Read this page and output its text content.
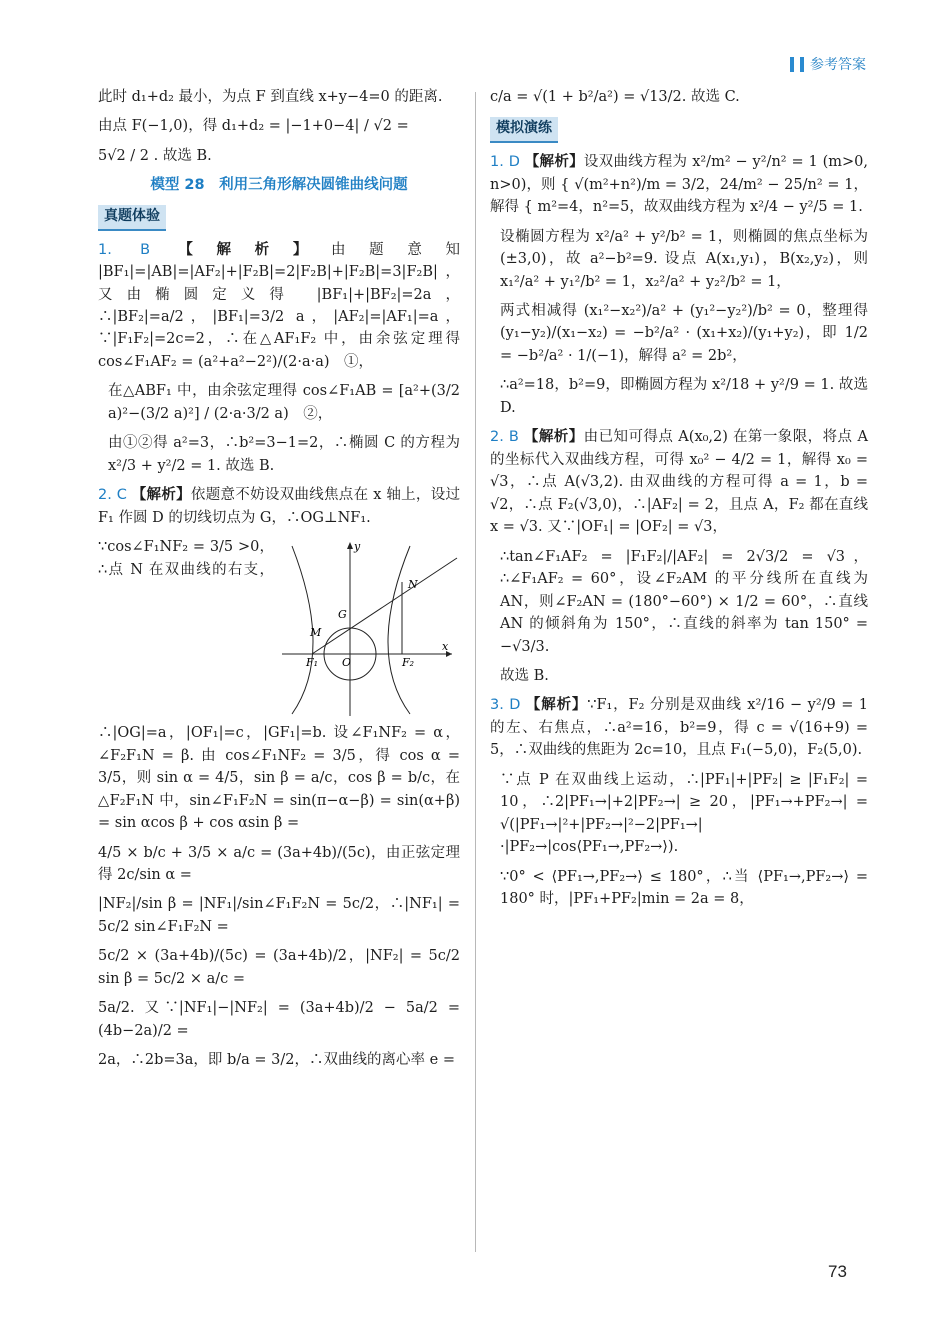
参考答案

此时 d₁+d₂ 最小，为点 F 到直线 x+y−4=0 的距离.

由点 F(−1,0)，得 d₁+d₂ = |−1+0−4| / √2 =

5√2 / 2 . 故选 B.

模型 28　利用三角形解决圆锥曲线问题
真题体验

1. B 【解析】由题意知 |BF₁|=|AB|=|AF₂|+|F₂B|=2|F₂B|+|F₂B|=3|F₂B|，又由椭圆定义得 |BF₁|+|BF₂|=2a，∴|BF₂|=a/2，|BF₁|=3/2 a，|AF₂|=|AF₁|=a，∵|F₁F₂|=2c=2，∴在△AF₁F₂ 中，由余弦定理得 cos∠F₁AF₂ = (a²+a²−2²)/(2·a·a)　①，

在△ABF₁ 中，由余弦定理得 cos∠F₁AB = [a²+(3/2 a)²−(3/2 a)²] / (2·a·3/2 a)　②，

由①②得 a²=3，∴b²=3−1=2，∴椭圆 C 的方程为 x²/3 + y²/2 = 1. 故选 B.

2. C 【解析】依题意不妨设双曲线焦点在 x 轴上，设过 F₁ 作圆 D 的切线切点为 G，∴OG⊥NF₁.

y
x
O
N
G
M
F₁	F₂

∵cos∠F₁NF₂ = 3/5 >0，∴点 N 在双曲线的右支，∴|OG|=a，|OF₁|=c，|GF₁|=b. 设∠F₁NF₂ = α，∠F₂F₁N = β. 由 cos∠F₁NF₂ = 3/5，得 cos α = 3/5，则 sin α = 4/5，sin β = a/c，cos β = b/c，在△F₂F₁N 中，sin∠F₁F₂N = sin(π−α−β) = sin(α+β) = sin αcos β + cos αsin β =

4/5 × b/c + 3/5 × a/c = (3a+4b)/(5c)，由正弦定理得 2c/sin α =

|NF₂|/sin β = |NF₁|/sin∠F₁F₂N = 5c/2，∴|NF₁| = 5c/2 sin∠F₁F₂N =

5c/2 × (3a+4b)/(5c) = (3a+4b)/2，|NF₂| = 5c/2 sin β = 5c/2 × a/c =

5a/2. 又∵|NF₁|−|NF₂| = (3a+4b)/2 − 5a/2 = (4b−2a)/2 =

2a，∴2b=3a，即 b/a = 3/2，∴双曲线的离心率 e =

c/a = √(1 + b²/a²) = √13/2. 故选 C.

模拟演练

1. D 【解析】设双曲线方程为 x²/m² − y²/n² = 1 (m>0, n>0)，则 { √(m²+n²)/m = 3/2，24/m² − 25/n² = 1，解得 { m²=4，n²=5，故双曲线方程为 x²/4 − y²/5 = 1.

设椭圆方程为 x²/a² + y²/b² = 1，则椭圆的焦点坐标为 (±3,0)，故 a²−b²=9. 设点 A(x₁,y₁)，B(x₂,y₂)，则 x₁²/a² + y₁²/b² = 1，x₂²/a² + y₂²/b² = 1，

两式相减得 (x₁²−x₂²)/a² + (y₁²−y₂²)/b² = 0，整理得 (y₁−y₂)/(x₁−x₂) = −b²/a² · (x₁+x₂)/(y₁+y₂)，即 1/2 = −b²/a² · 1/(−1)，解得 a² = 2b²，

∴a²=18，b²=9，即椭圆方程为 x²/18 + y²/9 = 1. 故选 D.

2. B 【解析】由已知可得点 A(x₀,2) 在第一象限，将点 A 的坐标代入双曲线方程，可得 x₀² − 4/2 = 1，解得 x₀ = √3，∴点 A(√3,2). 由双曲线的方程可得 a = 1，b = √2，∴点 F₂(√3,0)，∴|AF₂| = 2，且点 A，F₂ 都在直线 x = √3. 又∵|OF₁| = |OF₂| = √3，

∴tan∠F₁AF₂ = |F₁F₂|/|AF₂| = 2√3/2 = √3，∴∠F₁AF₂ = 60°，设∠F₂AM 的平分线所在直线为 AN，则∠F₂AN = (180°−60°) × 1/2 = 60°，∴直线 AN 的倾斜角为 150°，∴直线的斜率为 tan 150° = −√3/3.

故选 B.

3. D 【解析】∵F₁，F₂ 分别是双曲线 x²/16 − y²/9 = 1 的左、右焦点，∴a²=16，b²=9，得 c = √(16+9) = 5，∴双曲线的焦距为 2c=10，且点 F₁(−5,0)，F₂(5,0).

∵点 P 在双曲线上运动，∴|PF₁|+|PF₂| ≥ |F₁F₂| = 10，∴2|PF₁→|+2|PF₂→| ≥ 20，|PF₁→+PF₂→| = √(|PF₁→|²+|PF₂→|²−2|PF₁→|·|PF₂→|cos⟨PF₁→,PF₂→⟩).

∵0° < ⟨PF₁→,PF₂→⟩ ≤ 180°，∴当 ⟨PF₁→,PF₂→⟩ = 180° 时，|PF₁+PF₂|min = 2a = 8，

73
